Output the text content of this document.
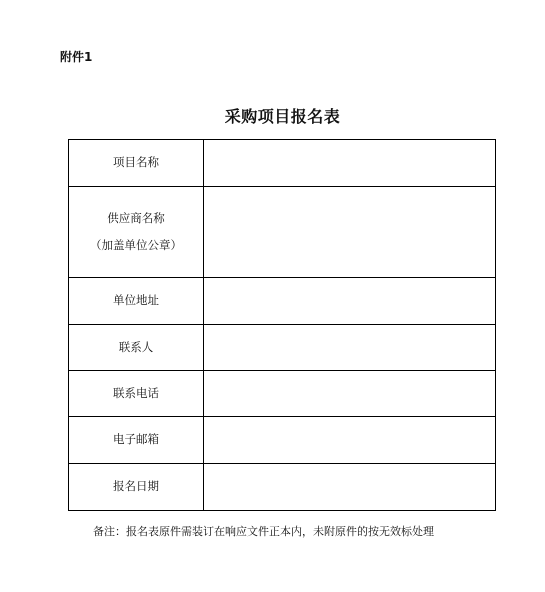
附件1
采购项目报名表
项目名称	
供应商名称
（加盖单位公章）	

单位地址	
联系人	
联系电话	
电子邮箱	
报名日期	
备注：报名表原件需装订在响应文件正本内，未附原件的按无效标处理
